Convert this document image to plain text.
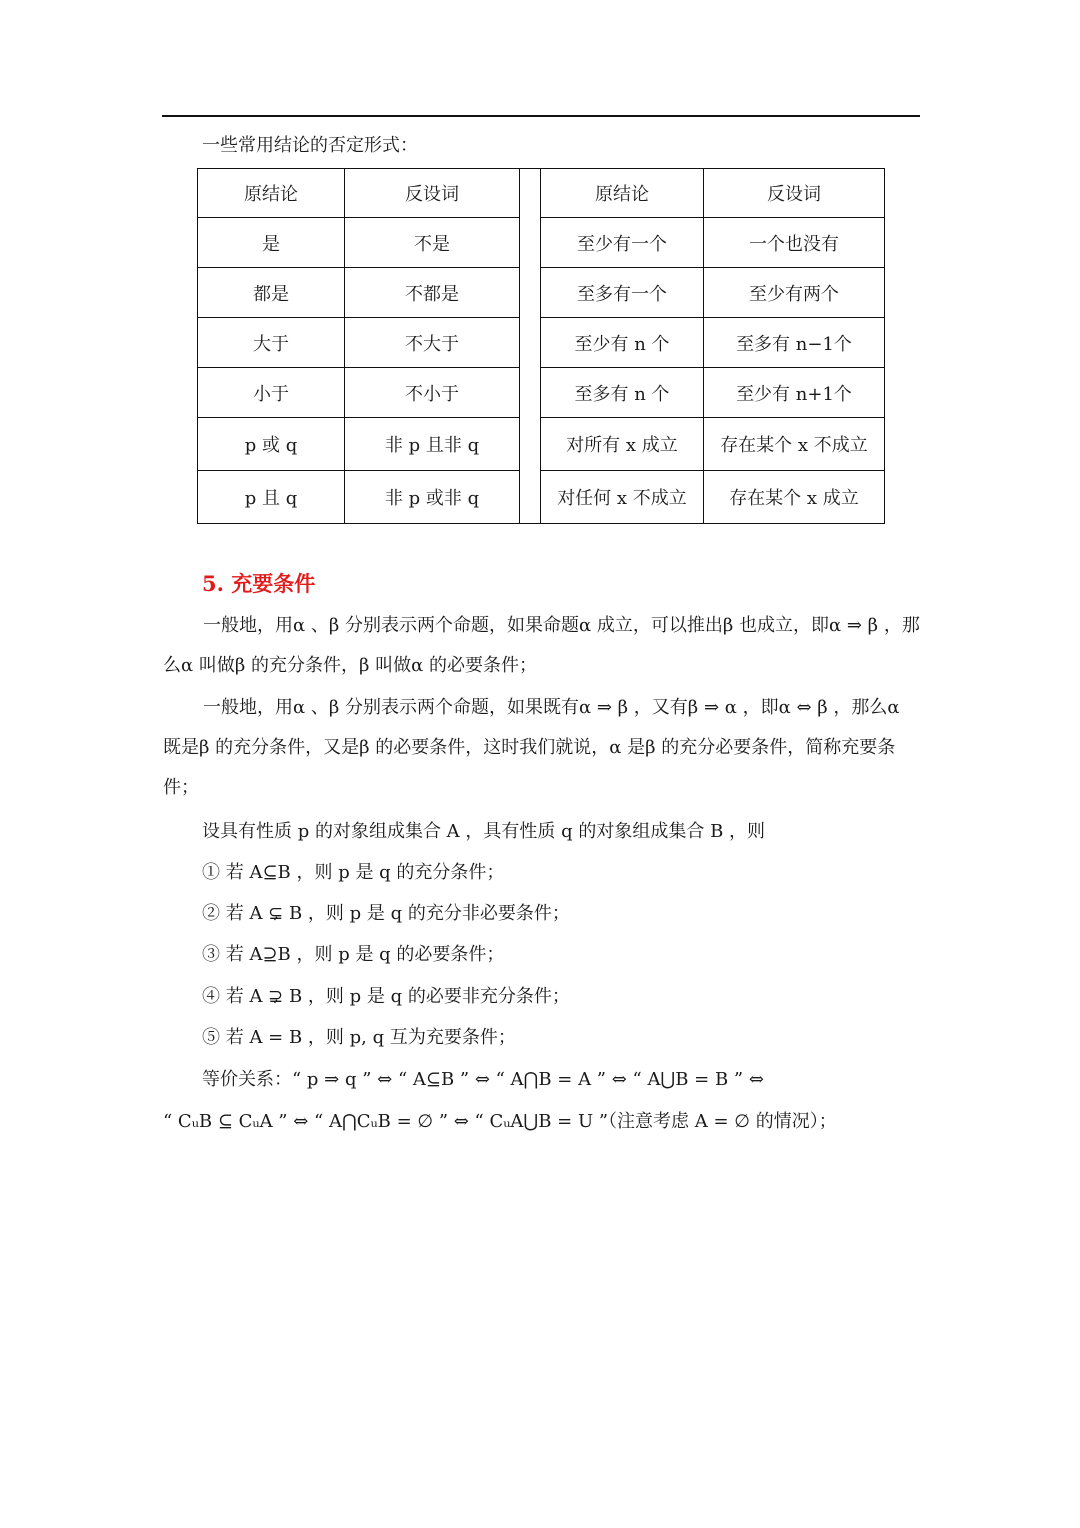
一些常用结论的否定形式：
原结论	反设词		原结论	反设词
是	不是		至少有一个	一个也没有
都是	不都是		至多有一个	至少有两个
大于	不大于		至少有 n 个	至多有 n−1个
小于	不小于		至多有 n 个	至少有 n+1个
p 或 q	非 p 且非 q		对所有 x 成立	存在某个 x 不成立
p 且 q	非 p 或非 q		对任何 x 不成立	存在某个 x 成立
5. 充要条件
一般地，用α 、β 分别表示两个命题，如果命题α 成立，可以推出β 也成立，即α ⇒ β ，那么α 叫做β 的充分条件，β 叫做α 的必要条件；
一般地，用α 、β 分别表示两个命题，如果既有α ⇒ β ，又有β ⇒ α ，即α ⇔ β ，那么α 既是β 的充分条件，又是β 的必要条件，这时我们就说，α 是β 的充分必要条件，简称充要条件；
设具有性质 p 的对象组成集合 A ，具有性质 q 的对象组成集合 B ，则
① 若 A⊆B ，则 p 是 q 的充分条件；
② 若 A ⊊ B ，则 p 是 q 的充分非必要条件；
③ 若 A⊇B ，则 p 是 q 的必要条件；
④ 若 A ⊋ B ，则 p 是 q 的必要非充分条件；
⑤ 若 A = B ，则 p, q 互为充要条件；
等价关系：“ p ⇒ q ” ⇔ “ A⊆B ” ⇔ “ A⋂B = A ” ⇔ “ A⋃B = B ” ⇔
“ CᵤB ⊆ CᵤA ” ⇔ “ A⋂CᵤB = ∅ ” ⇔ “ CᵤA⋃B = U ”（注意考虑 A = ∅ 的情况）；
